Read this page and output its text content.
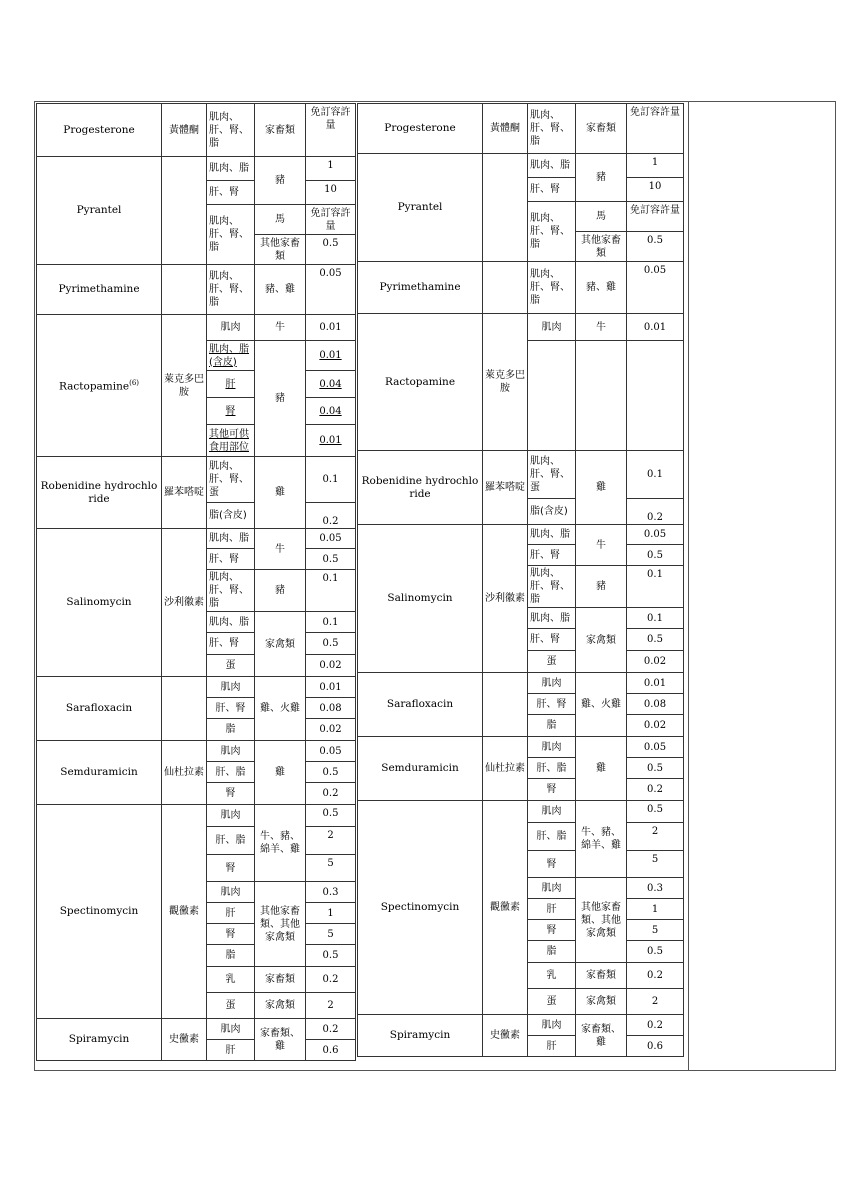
Progesterone	黃體酮	肌肉、肝、腎、脂	家畜類	免訂容許量
Pyrantel		肌肉、脂	豬	1
		肝、腎		10
		肌肉、肝、腎、脂	馬	免訂容許量
			其他家畜類	0.5
Pyrimethamine		肌肉、肝、腎、脂	豬、雞	0.05
Ractopamine$^{(6)}$	萊克多巴胺	肌肉	牛	0.01
		肌肉、脂(含皮)	豬	0.01
		肝		0.04
		腎		0.04
		其他可供食用部位		0.01
Robenidine hydrochloride	羅苯嗒啶	肌肉、肝、腎、蛋	雞	0.1
		脂(含皮)		0.2
Salinomycin	沙利徽素	肌肉、脂	牛	0.05
		肝、腎		0.5
		肌肉、肝、腎、脂	豬	0.1
		肌肉、脂	家禽類	0.1
		肝、腎		0.5
		蛋		0.02
Sarafloxacin		肌肉	雞、火雞	0.01
		肝、腎		0.08
		脂		0.02
Semduramicin	仙杜拉素	肌肉	雞	0.05
		肝、脂		0.5
		腎		0.2
Spectinomycin	觀黴素	肌肉	牛、豬、綿羊、雞	0.5
		肝、脂		2
		腎		5
		肌肉	其他家畜類、其他家禽類	0.3
		肝		1
		腎		5
		脂		0.5
		乳	家畜類	0.2
		蛋	家禽類	2
Spiramycin	史黴素	肌肉	家畜類、雞	0.2
		肝		0.6
Progesterone	黃體酮	肌肉、肝、腎、脂	家畜類	免訂容許量
Pyrantel		肌肉、脂	豬	1
		肝、腎		10
		肌肉、肝、腎、脂	馬	免訂容許量
			其他家畜類	0.5
Pyrimethamine		肌肉、肝、腎、脂	豬、雞	0.05
Ractopamine	萊克多巴胺	肌肉	牛	0.01

Robenidine hydrochloride	羅苯嗒啶	肌肉、肝、腎、蛋	雞	0.1
		脂(含皮)		0.2
Salinomycin	沙利徽素	肌肉、脂	牛	0.05
		肝、腎		0.5
		肌肉、肝、腎、脂	豬	0.1
		肌肉、脂	家禽類	0.1
		肝、腎		0.5
		蛋		0.02
Sarafloxacin		肌肉	雞、火雞	0.01
		肝、腎		0.08
		脂		0.02
Semduramicin	仙杜拉素	肌肉	雞	0.05
		肝、脂		0.5
		腎		0.2
Spectinomycin	觀黴素	肌肉	牛、豬、綿羊、雞	0.5
		肝、脂		2
		腎		5
		肌肉	其他家畜類、其他家禽類	0.3
		肝		1
		腎		5
		脂		0.5
		乳	家畜類	0.2
		蛋	家禽類	2
Spiramycin	史黴素	肌肉	家畜類、雞	0.2
		肝		0.6
